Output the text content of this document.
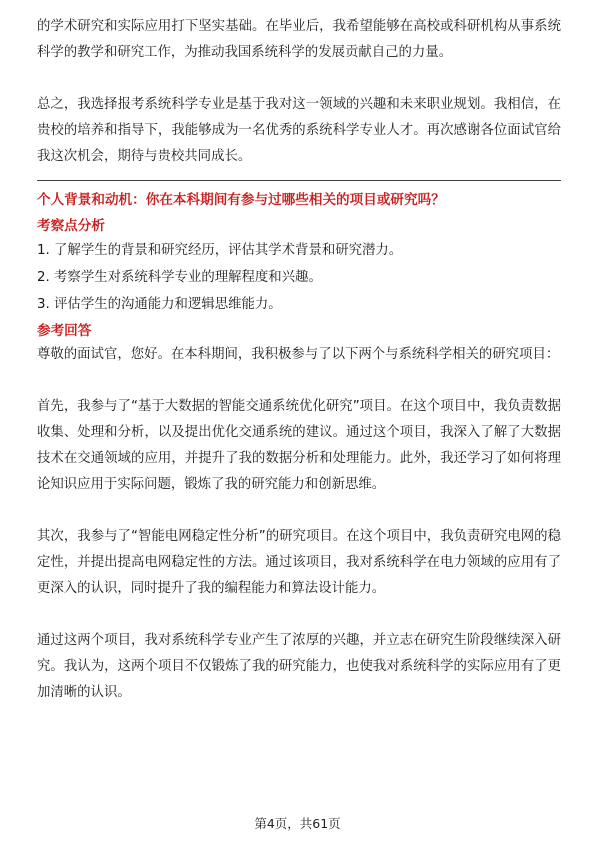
的学术研究和实际应用打下坚实基础。在毕业后，我希望能够在高校或科研机构从事系统科学的教学和研究工作，为推动我国系统科学的发展贡献自己的力量。

总之，我选择报考系统科学专业是基于我对这一领域的兴趣和未来职业规划。我相信，在贵校的培养和指导下，我能够成为一名优秀的系统科学专业人才。再次感谢各位面试官给我这次机会，期待与贵校共同成长。

个人背景和动机：你在本科期间有参与过哪些相关的项目或研究吗？

考察点分析

1. 了解学生的背景和研究经历，评估其学术背景和研究潜力。
2. 考察学生对系统科学专业的理解程度和兴趣。
3. 评估学生的沟通能力和逻辑思维能力。

参考回答

尊敬的面试官，您好。在本科期间，我积极参与了以下两个与系统科学相关的研究项目：

首先，我参与了“基于大数据的智能交通系统优化研究”项目。在这个项目中，我负责数据收集、处理和分析，以及提出优化交通系统的建议。通过这个项目，我深入了解了大数据技术在交通领域的应用，并提升了我的数据分析和处理能力。此外，我还学习了如何将理论知识应用于实际问题，锻炼了我的研究能力和创新思维。

其次，我参与了“智能电网稳定性分析”的研究项目。在这个项目中，我负责研究电网的稳定性，并提出提高电网稳定性的方法。通过该项目，我对系统科学在电力领域的应用有了更深入的认识，同时提升了我的编程能力和算法设计能力。

通过这两个项目，我对系统科学专业产生了浓厚的兴趣，并立志在研究生阶段继续深入研究。我认为，这两个项目不仅锻炼了我的研究能力，也使我对系统科学的实际应用有了更加清晰的认识。

第4页，共61页
